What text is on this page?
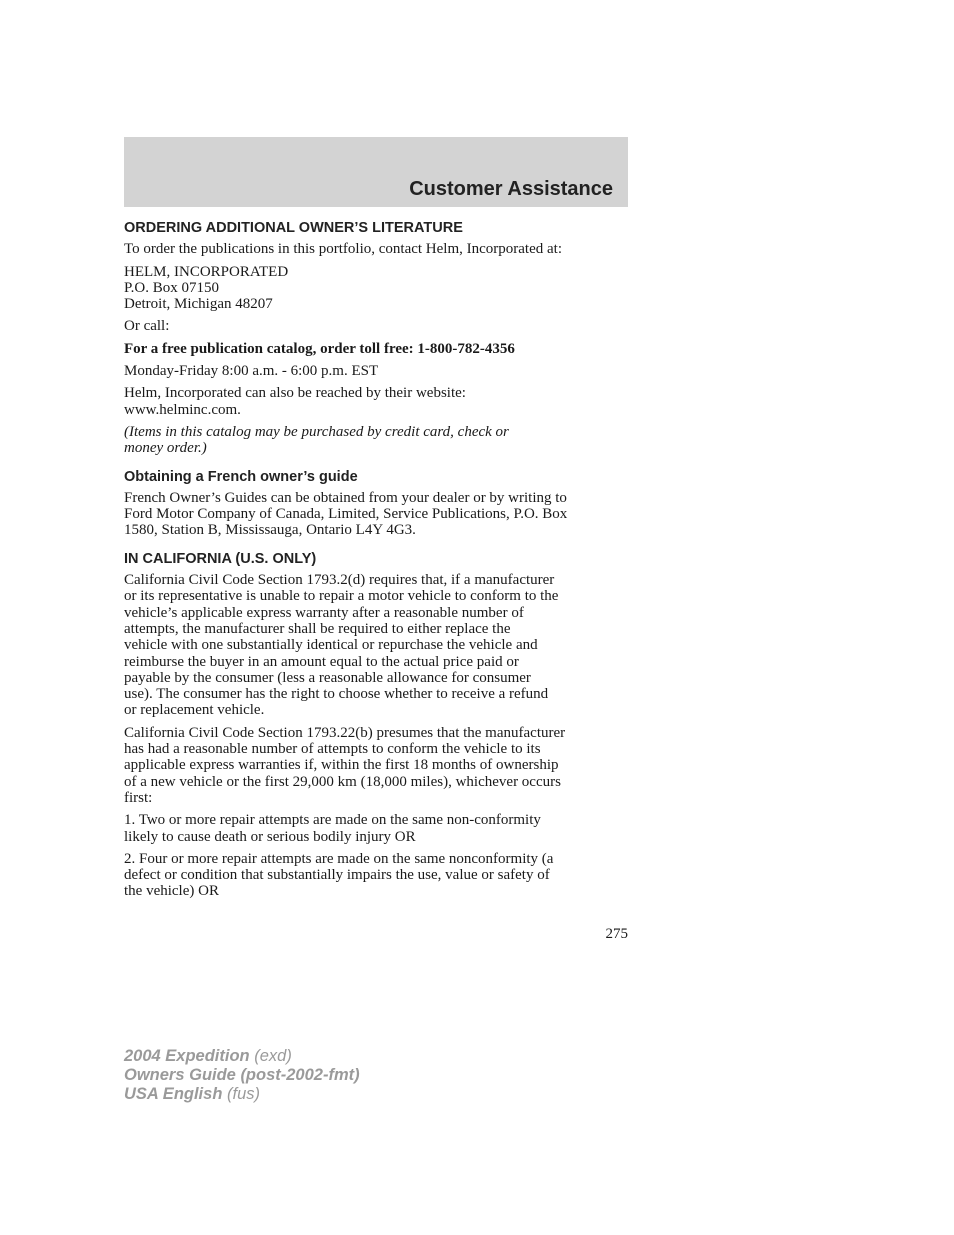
Customer Assistance
ORDERING ADDITIONAL OWNER’S LITERATURE

To order the publications in this portfolio, contact Helm, Incorporated at:

HELM, INCORPORATED
P.O. Box 07150
Detroit, Michigan 48207

Or call:

For a free publication catalog, order toll free: 1-800-782-4356

Monday-Friday 8:00 a.m. - 6:00 p.m. EST

Helm, Incorporated can also be reached by their website:
www.helminc.com.

(Items in this catalog may be purchased by credit card, check or
money order.)

Obtaining a French owner’s guide

French Owner’s Guides can be obtained from your dealer or by writing to
Ford Motor Company of Canada, Limited, Service Publications, P.O. Box
1580, Station B, Mississauga, Ontario L4Y 4G3.

IN CALIFORNIA (U.S. ONLY)

California Civil Code Section 1793.2(d) requires that, if a manufacturer
or its representative is unable to repair a motor vehicle to conform to the
vehicle’s applicable express warranty after a reasonable number of
attempts, the manufacturer shall be required to either replace the
vehicle with one substantially identical or repurchase the vehicle and
reimburse the buyer in an amount equal to the actual price paid or
payable by the consumer (less a reasonable allowance for consumer
use). The consumer has the right to choose whether to receive a refund
or replacement vehicle.

California Civil Code Section 1793.22(b) presumes that the manufacturer
has had a reasonable number of attempts to conform the vehicle to its
applicable express warranties if, within the first 18 months of ownership
of a new vehicle or the first 29,000 km (18,000 miles), whichever occurs
first:

1. Two or more repair attempts are made on the same non-conformity
likely to cause death or serious bodily injury OR

2. Four or more repair attempts are made on the same nonconformity (a
defect or condition that substantially impairs the use, value or safety of
the vehicle) OR

275
2004 Expedition (exd)
Owners Guide (post-2002-fmt)
USA English (fus)
